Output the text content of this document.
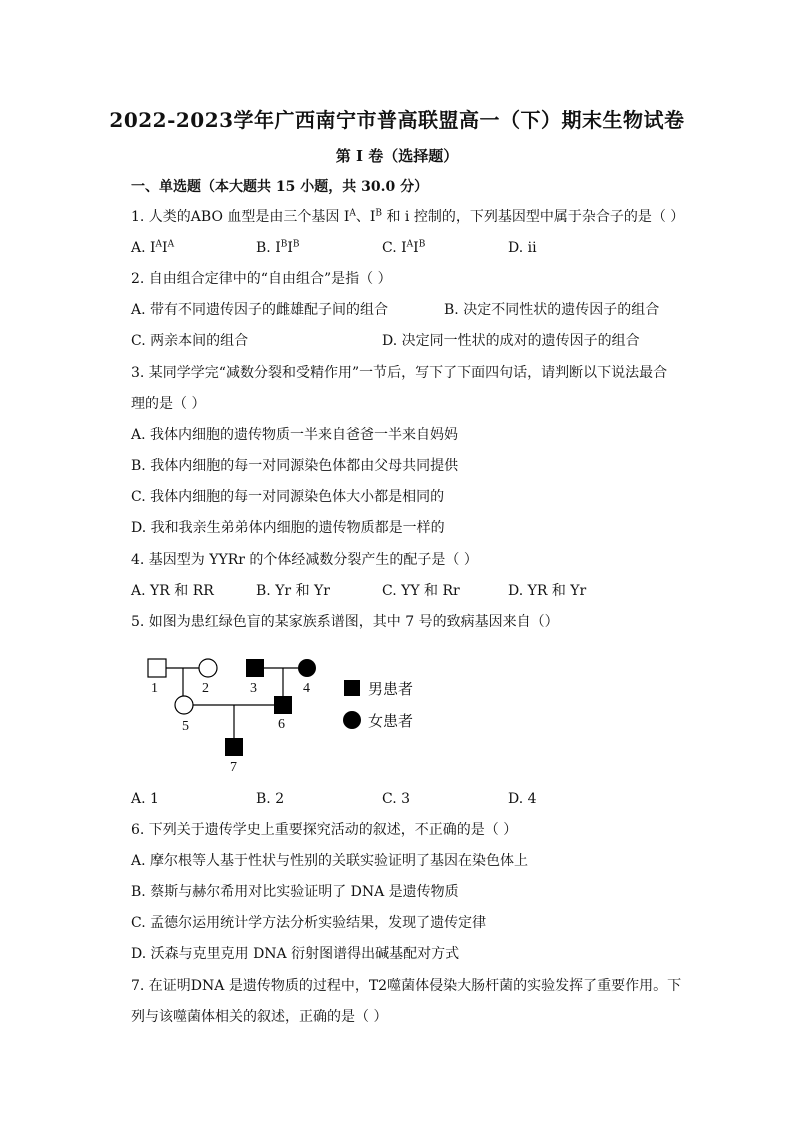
2022-2023学年广西南宁市普高联盟高一（下）期末生物试卷
第 I 卷（选择题）
一、单选题（本大题共 15 小题，共 30.0 分）
1. 人类的ABO 血型是由三个基因 $I^A$、$I^B$ 和 i 控制的，下列基因型中属于杂合子的是（ ）
A. $I^AI^A$	B. $I^BI^B$	C. $I^AI^B$	D. ii
2. 自由组合定律中的“自由组合”是指（ ）
A. 带有不同遗传因子的雌雄配子间的组合	B. 决定不同性状的遗传因子的组合
C. 两亲本间的组合	D. 决定同一性状的成对的遗传因子的组合
3. 某同学学完“减数分裂和受精作用”一节后，写下了下面四句话，请判断以下说法最合
理的是（ ）
A. 我体内细胞的遗传物质一半来自爸爸一半来自妈妈
B. 我体内细胞的每一对同源染色体都由父母共同提供
C. 我体内细胞的每一对同源染色体大小都是相同的
D. 我和我亲生弟弟体内细胞的遗传物质都是一样的
4. 基因型为 YYRr 的个体经减数分裂产生的配子是（ ）
A. YR 和 RR	B. Yr 和 Yr	C. YY 和 Rr	D. YR 和 Yr
5. 如图为患红绿色盲的某家族系谱图，其中 7 号的致病基因来自（）
1	2	3	4
5	6
7
男患者
女患者
A. 1	B. 2	C. 3	D. 4
6. 下列关于遗传学史上重要探究活动的叙述，不正确的是（ ）
A. 摩尔根等人基于性状与性别的关联实验证明了基因在染色体上
B. 蔡斯与赫尔希用对比实验证明了 DNA 是遗传物质
C. 孟德尔运用统计学方法分析实验结果，发现了遗传定律
D. 沃森与克里克用 DNA 衍射图谱得出碱基配对方式
7. 在证明DNA 是遗传物质的过程中，T2噬菌体侵染大肠杆菌的实验发挥了重要作用。下
列与该噬菌体相关的叙述，正确的是（ ）
